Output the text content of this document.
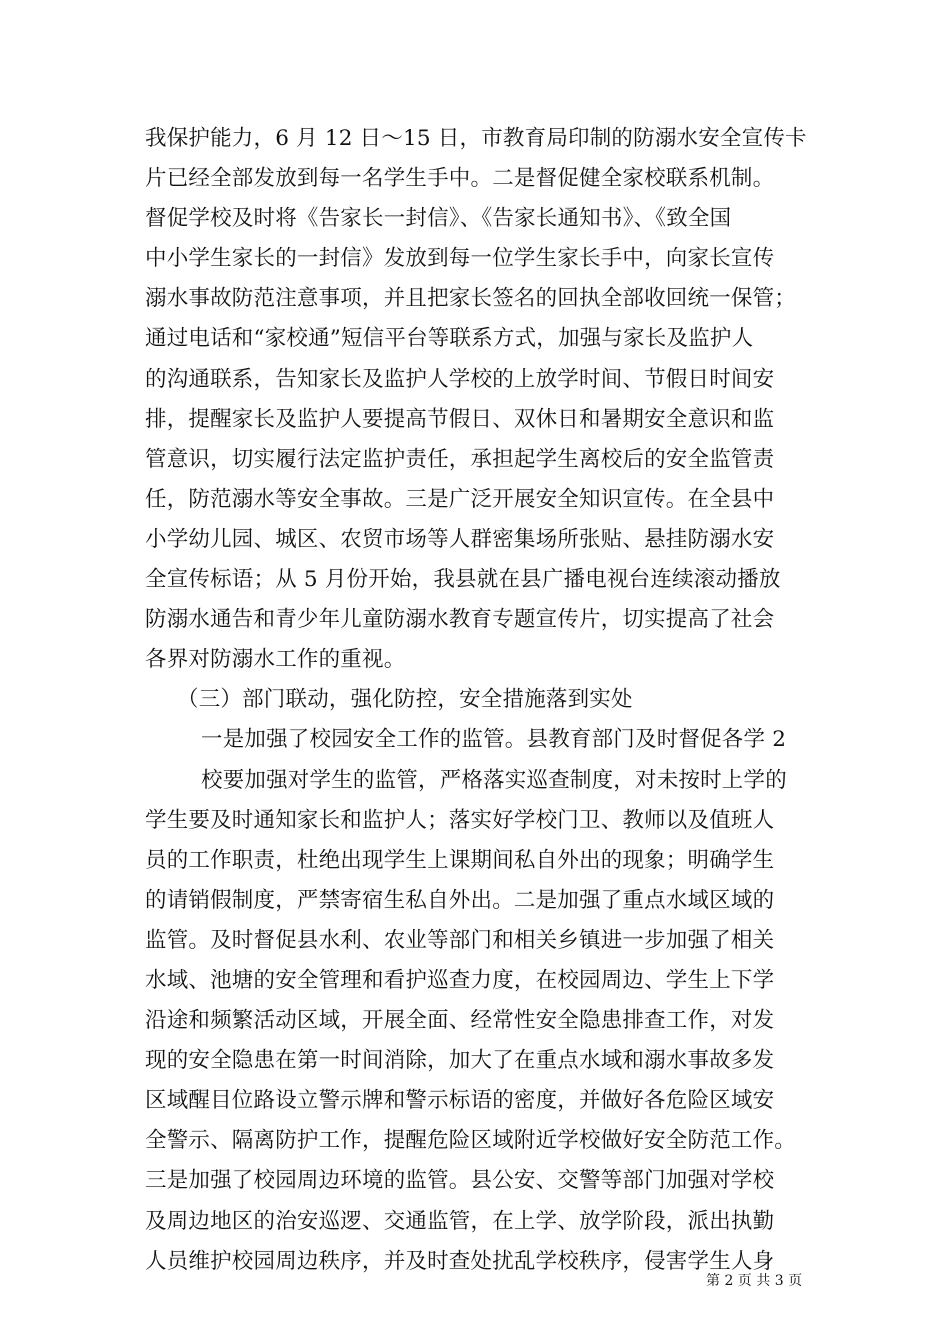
我保护能力，6 月 12 日～15 日，市教育局印制的防溺水安全宣传卡
片已经全部发放到每一名学生手中。二是督促健全家校联系机制。
督促学校及时将《告家长一封信》、《告家长通知书》、《致全国
中小学生家长的一封信》发放到每一位学生家长手中，向家长宣传
溺水事故防范注意事项，并且把家长签名的回执全部收回统一保管；
通过电话和“家校通”短信平台等联系方式，加强与家长及监护人
的沟通联系，告知家长及监护人学校的上放学时间、节假日时间安
排，提醒家长及监护人要提高节假日、双休日和暑期安全意识和监
管意识，切实履行法定监护责任，承担起学生离校后的安全监管责
任，防范溺水等安全事故。三是广泛开展安全知识宣传。在全县中
小学幼儿园、城区、农贸市场等人群密集场所张贴、悬挂防溺水安
全宣传标语；从 5 月份开始，我县就在县广播电视台连续滚动播放
防溺水通告和青少年儿童防溺水教育专题宣传片，切实提高了社会
各界对防溺水工作的重视。
（三）部门联动，强化防控，安全措施落到实处
一是加强了校园安全工作的监管。县教育部门及时督促各学 2
校要加强对学生的监管，严格落实巡查制度，对未按时上学的
学生要及时通知家长和监护人；落实好学校门卫、教师以及值班人
员的工作职责，杜绝出现学生上课期间私自外出的现象；明确学生
的请销假制度，严禁寄宿生私自外出。二是加强了重点水域区域的
监管。及时督促县水利、农业等部门和相关乡镇进一步加强了相关
水域、池塘的安全管理和看护巡查力度，在校园周边、学生上下学
沿途和频繁活动区域，开展全面、经常性安全隐患排查工作，对发
现的安全隐患在第一时间消除，加大了在重点水域和溺水事故多发
区域醒目位路设立警示牌和警示标语的密度，并做好各危险区域安
全警示、隔离防护工作，提醒危险区域附近学校做好安全防范工作。
三是加强了校园周边环境的监管。县公安、交警等部门加强对学校
及周边地区的治安巡逻、交通监管，在上学、放学阶段，派出执勤
人员维护校园周边秩序，并及时查处扰乱学校秩序，侵害学生人身
第 2 页 共 3 页
